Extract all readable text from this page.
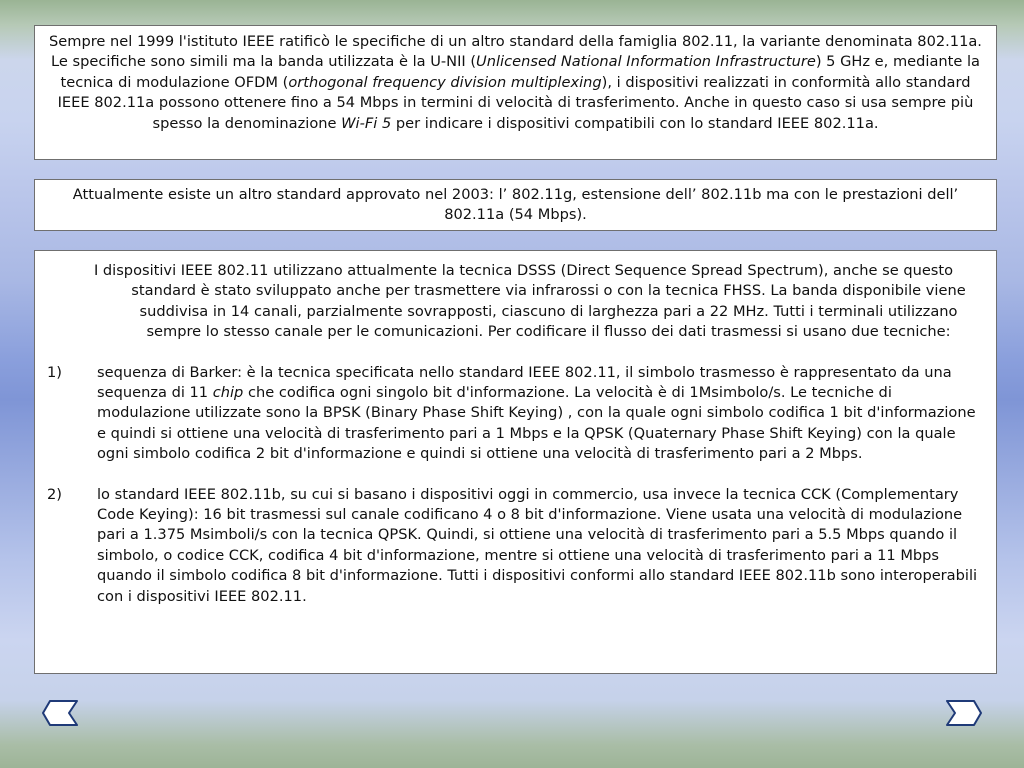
Sempre nel 1999 l'istituto IEEE ratificò le specifiche di un altro standard della famiglia 802.11, la variante denominata 802.11a. Le specifiche sono simili ma la banda utilizzata è la U-NII (Unlicensed National Information Infrastructure) 5 GHz e, mediante la tecnica di modulazione OFDM (orthogonal frequency division multiplexing), i dispositivi realizzati in conformità allo standard IEEE 802.11a possono ottenere fino a 54 Mbps in termini di velocità di trasferimento. Anche in questo caso si usa sempre più spesso la denominazione Wi-Fi 5 per indicare i dispositivi compatibili con lo standard IEEE 802.11a.
Attualmente esiste un altro standard approvato nel 2003: l’ 802.11g, estensione dell’ 802.11b ma con le prestazioni dell’ 802.11a (54 Mbps).

I dispositivi IEEE 802.11 utilizzano attualmente la tecnica DSSS (Direct Sequence Spread Spectrum), anche se questo standard è stato sviluppato anche per trasmettere via infrarossi o con la tecnica FHSS. La banda disponibile viene suddivisa in 14 canali, parzialmente sovrapposti, ciascuno di larghezza pari a 22 MHz. Tutti i terminali utilizzano sempre lo stesso canale per le comunicazioni. Per codificare il flusso dei dati trasmessi si usano due tecniche:

1) sequenza di Barker: è la tecnica specificata nello standard IEEE 802.11, il simbolo trasmesso è rappresentato da una sequenza di 11 chip che codifica ogni singolo bit d'informazione. La velocità è di 1Msimbolo/s. Le tecniche di modulazione utilizzate sono la BPSK (Binary Phase Shift Keying) , con la quale ogni simbolo codifica 1 bit d'informazione e quindi si ottiene una velocità di trasferimento pari a 1 Mbps e la QPSK (Quaternary Phase Shift Keying) con la quale ogni simbolo codifica 2 bit d'informazione e quindi si ottiene una velocità di trasferimento pari a 2 Mbps.
2) lo standard IEEE 802.11b, su cui si basano i dispositivi oggi in commercio, usa invece la tecnica CCK (Complementary Code Keying): 16 bit trasmessi sul canale codificano 4 o 8 bit d'informazione. Viene usata una velocità di modulazione pari a 1.375 Msimboli/s con la tecnica QPSK. Quindi, si ottiene una velocità di trasferimento pari a 5.5 Mbps quando il simbolo, o codice CCK, codifica 4 bit d'informazione, mentre si ottiene una velocità di trasferimento pari a 11 Mbps quando il simbolo codifica 8 bit d'informazione. Tutti i dispositivi conformi allo standard IEEE 802.11b sono interoperabili con i dispositivi IEEE 802.11.
